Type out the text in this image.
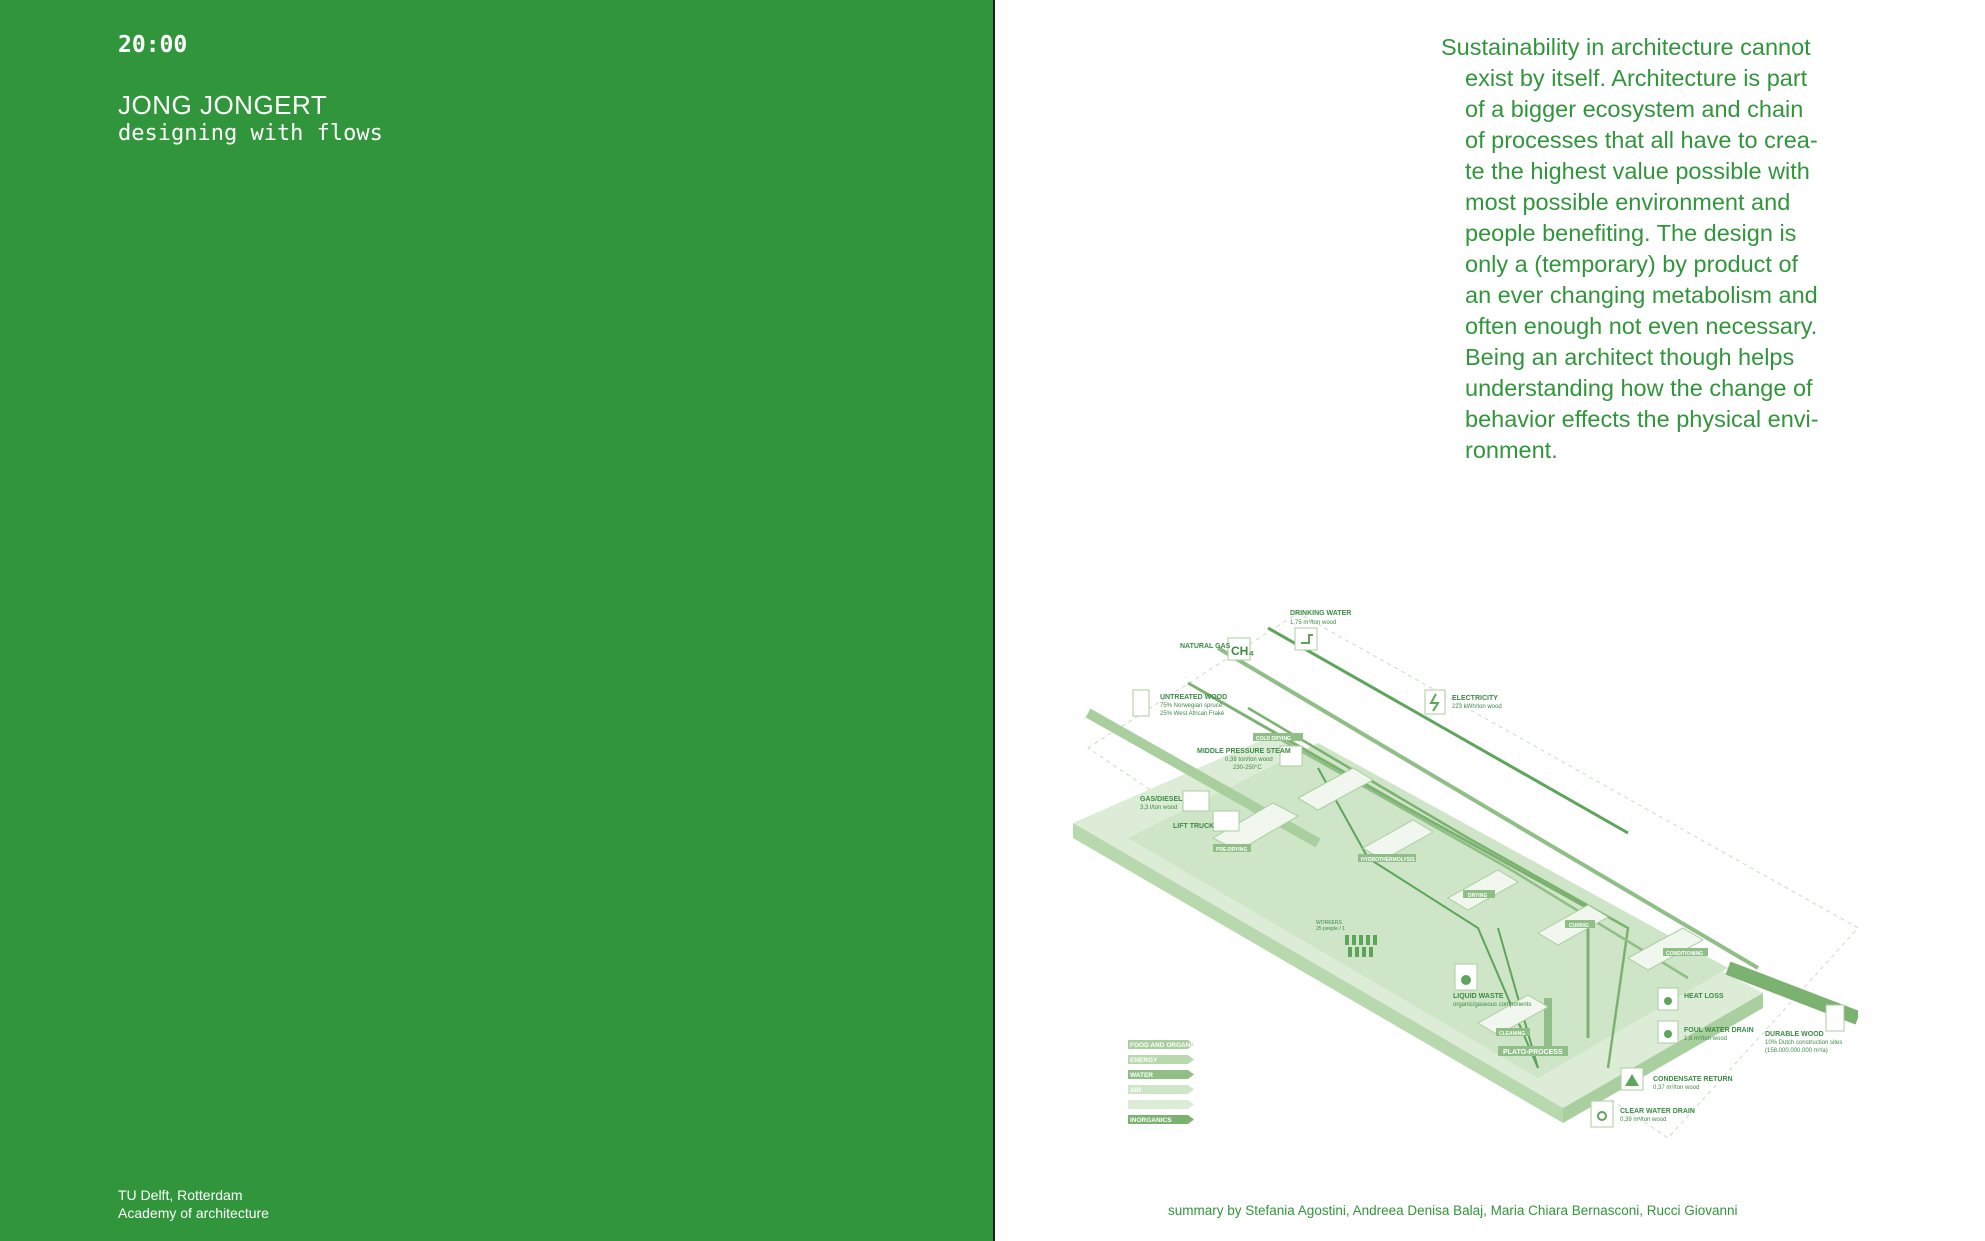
20:00
JONG JONGERT
designing with flows
TU Delft, Rotterdam
Academy of architecture
Sustainability in architecture cannot
exist by itself. Architecture is part
of a bigger ecosystem and chain
of processes that all have to crea-
te the highest value possible with
most possible environment and
people benefiting. The design is
only a (temporary) by product of
an ever changing metabolism and
often enough not even necessary.
Being an architect though helps
understanding how the change of
behavior effects the physical envi-
ronment.
COLD DRYING
PRE-DRYING
HYDROTHERMOLYSIS
DRYING
CURING
CONDITIONING
CLEANING
PLATO-PROCESS
CH₄
DRINKING WATER
1,75 m³/ton wood
NATURAL GAS
UNTREATED WOOD
75% Norwegian spruce
25% West African Fraké
ELECTRICITY
223 kWh/ton wood
MIDDLE PRESSURE STEAM
0,38 ton/ton wood
230-250°C
GAS/DIESEL
3,3 l/ton wood
LIFT TRUCK
WORKERS
25 people / 1
LIQUID WASTE
organic/gaseous components
HEAT LOSS
FOUL WATER DRAIN
1,6 m³/ton wood
DURABLE WOOD
10% Dutch construction sites
(158.000.000.000 m³/a)
CONDENSATE RETURN
0,37 m³/ton wood
CLEAR WATER DRAIN
0,39 m³/ton wood
FOOD AND ORGANICS
ENERGY
WATER
AIR
INORGANICS
summary by Stefania Agostini, Andreea Denisa Balaj, Maria Chiara Bernasconi, Rucci Giovanni
